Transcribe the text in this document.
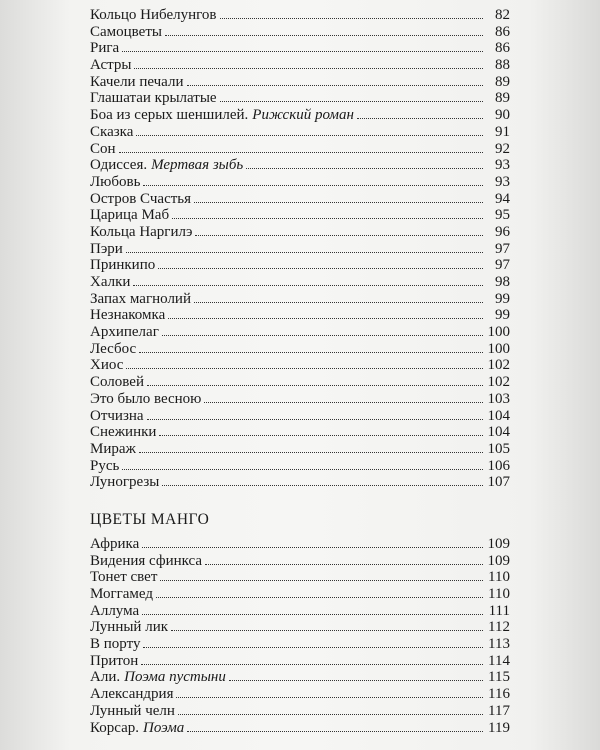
Кольцо Нибелунгов	82
Самоцветы	86
Рига	86
Астры	88
Качели печали	89
Глашатаи крылатые	89
Боа из серых шеншилей. Рижский роман	90
Сказка	91
Сон	92
Одиссея. Мертвая зыбь	93
Любовь	93
Остров Счастья	94
Царица Маб	95
Кольца Наргилэ	96
Пэри	97
Принкипо	97
Халки	98
Запах магнолий	99
Незнакомка	99
Архипелаг	100
Лесбос	100
Хиос	102
Соловей	102
Это было весною	103
Отчизна	104
Снежинки	104
Мираж	105
Русь	106
Луногрезы	107
ЦВЕТЫ МАНГО
Африка	109
Видения сфинкса	109
Тонет свет	110
Моггамед	110
Аллума	111
Лунный лик	112
В порту	113
Притон	114
Али. Поэма пустыни	115
Александрия	116
Лунный челн	117
Корсар. Поэма	119
